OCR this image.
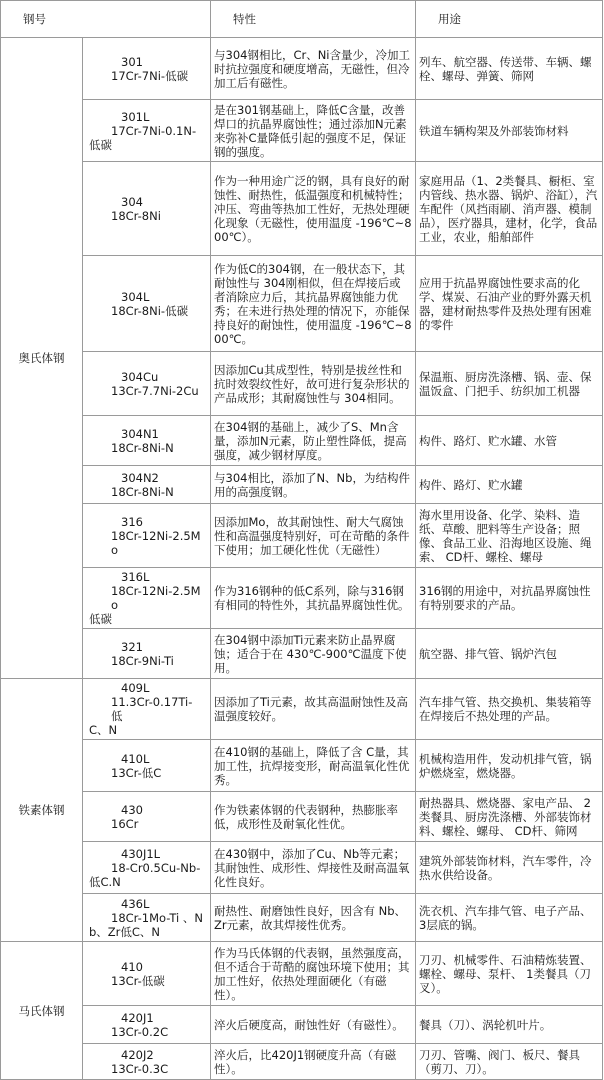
钢号		特性	用途
奥氏体钢	301
17Cr-7Ni-低碳	与304钢相比，Cr、Ni含量少，冷加工时抗拉强度和硬度增高，无磁性，但冷加工后有磁性。	列车、航空器、传送带、车辆、螺栓、螺母、弹簧、筛网

	301L
17Cr-7Ni-0.1N-
低碳	是在301钢基础上，降低C含量，改善焊口的抗晶界腐蚀性；通过添加N元素来弥补C量降低引起的强度不足，保证钢的强度。	铁道车辆构架及外部装饰材料

	304
18Cr-8Ni	作为一种用途广泛的钢，具有良好的耐蚀性、耐热性，低温强度和机械特性；冲压、弯曲等热加工性好，无热处理硬化现象（无磁性，使用温度 -196℃~800℃）。	家庭用品（1、2类餐具、橱柜、室内管线、热水器、锅炉、浴缸），汽车配件（风挡雨刷、消声器、模制品），医疗器具，建材，化学，食品工业，农业，船舶部件

	304L
18Cr-8Ni-低碳	作为低C的304钢，在一般状态下，其耐蚀性与 304刚相似，但在焊接后或者消除应力后，其抗晶界腐蚀能力优秀；在未进行热处理的情况下，亦能保持良好的耐蚀性，使用温度 -196℃~800℃。	应用于抗晶界腐蚀性要求高的化学、煤炭、石油产业的野外露天机器，建材耐热零件及热处理有困难的零件

	304Cu
13Cr-7.7Ni-2Cu	因添加Cu其成型性，特别是拔丝性和抗时效裂纹性好，故可进行复杂形状的产品成形；其耐腐蚀性与 304相同。	保温瓶、厨房洗涤槽、锅、壶、保温饭盒、门把手、纺织加工机器

	304N1
18Cr-8Ni-N	在304钢的基础上，减少了S、Mn含量，添加N元素，防止塑性降低，提高强度，减少钢材厚度。	构件、路灯、贮水罐、水管

	304N2
18Cr-8Ni-N	与304相比，添加了N、Nb，为结构件用的高强度钢。	构件、路灯、贮水罐

	316
18Cr-12Ni-2.5Mo	因添加Mo，故其耐蚀性、耐大气腐蚀性和高温强度特别好，可在苛酷的条件下使用；加工硬化性优（无磁性）	海水里用设备、化学、染料、造纸、草酸、肥料等生产设备；照像、食品工业、沿海地区设施、绳索、 CD杆、螺栓、螺母

	316L
18Cr-12Ni-2.5Mo
低碳	作为316钢种的低C系列，除与316钢有相同的特性外，其抗晶界腐蚀性优。	316钢的用途中，对抗晶界腐蚀性有特别要求的产品。

	321
18Cr-9Ni-Ti	在304钢中添加Ti元素来防止晶界腐蚀；适合于在 430℃-900℃温度下使用。	航空器、排气管、锅炉汽包
铁素体钢	409L
11.3Cr-0.17Ti- 低
C、N	因添加了Ti元素，故其高温耐蚀性及高温强度较好。	汽车排气管、热交换机、集装箱等在焊接后不热处理的产品。

	410L
13Cr-低C	在410钢的基础上，降低了含 C量，其加工性，抗焊接变形，耐高温氧化性优秀。	机械构造用件，发动机排气管，锅炉燃烧室，燃烧器。

	430
16Cr	作为铁素体钢的代表钢种，热膨胀率低，成形性及耐氧化性优。	耐热器具、燃烧器、家电产品、 2类餐具、厨房洗涤槽、外部装饰材料、螺栓、螺母、 CD杆、筛网

	430J1L
18-Cr0.5Cu-Nb-
低C.N	在430钢中，添加了Cu、Nb等元素；其耐蚀性、成形性、焊接性及耐高温氧化性良好。	建筑外部装饰材料，汽车零件，冷热水供给设备。

	436L
18Cr-1Mo-Ti 、N
b、Zr低C、N	耐热性、耐磨蚀性良好，因含有 Nb、Zr元素，故其焊接性优秀。	洗衣机、汽车排气管、电子产品、 3层底的锅。
马氏体钢	410
13Cr-低碳	作为马氏体钢的代表钢，虽然强度高，但不适合于苛酷的腐蚀环境下使用；其加工性好，依热处理面硬化（有磁性）。	刀刃、机械零件、石油精炼装置、螺栓、螺母、泵杆、 1类餐具（刀叉）。

	420J1
13Cr-0.2C	淬火后硬度高，耐蚀性好（有磁性）。	餐具（刀）、涡轮机叶片。

	420J2
13Cr-0.3C	淬火后，比420J1钢硬度升高（有磁性）。	刀刃、管嘴、阀门、板尺、餐具（剪刀、刀）。
